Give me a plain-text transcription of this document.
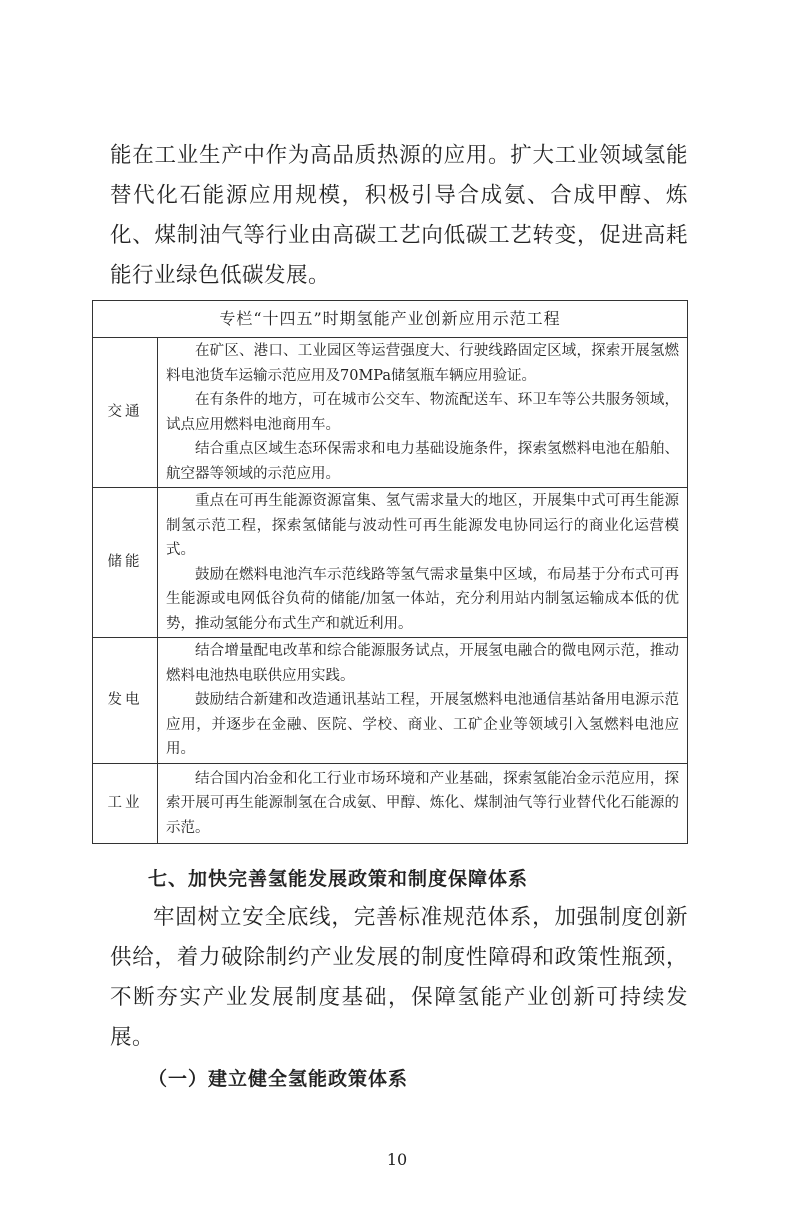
能在工业生产中作为高品质热源的应用。扩大工业领域氢能替代化石能源应用规模，积极引导合成氨、合成甲醇、炼化、煤制油气等行业由高碳工艺向低碳工艺转变，促进高耗能行业绿色低碳发展。
专栏“十四五”时期氢能产业创新应用示范工程	
交通	在矿区、港口、工业园区等运营强度大、行驶线路固定区域，探索开展氢燃料电池货车运输示范应用及70MPa储氢瓶车辆应用验证。

在有条件的地方，可在城市公交车、物流配送车、环卫车等公共服务领域，试点应用燃料电池商用车。

结合重点区域生态环保需求和电力基础设施条件，探索氢燃料电池在船舶、航空器等领域的示范应用。

储能	重点在可再生能源资源富集、氢气需求量大的地区，开展集中式可再生能源制氢示范工程，探索氢储能与波动性可再生能源发电协同运行的商业化运营模式。

鼓励在燃料电池汽车示范线路等氢气需求量集中区域，布局基于分布式可再生能源或电网低谷负荷的储能/加氢一体站，充分利用站内制氢运输成本低的优势，推动氢能分布式生产和就近利用。

发电	结合增量配电改革和综合能源服务试点，开展氢电融合的微电网示范，推动燃料电池热电联供应用实践。

鼓励结合新建和改造通讯基站工程，开展氢燃料电池通信基站备用电源示范应用，并逐步在金融、医院、学校、商业、工矿企业等领域引入氢燃料电池应用。

工业	结合国内冶金和化工行业市场环境和产业基础，探索氢能冶金示范应用，探索开展可再生能源制氢在合成氨、甲醇、炼化、煤制油气等行业替代化石能源的示范。

七、加快完善氢能发展政策和制度保障体系
牢固树立安全底线，完善标准规范体系，加强制度创新供给，着力破除制约产业发展的制度性障碍和政策性瓶颈，不断夯实产业发展制度基础，保障氢能产业创新可持续发展。
（一）建立健全氢能政策体系
10
